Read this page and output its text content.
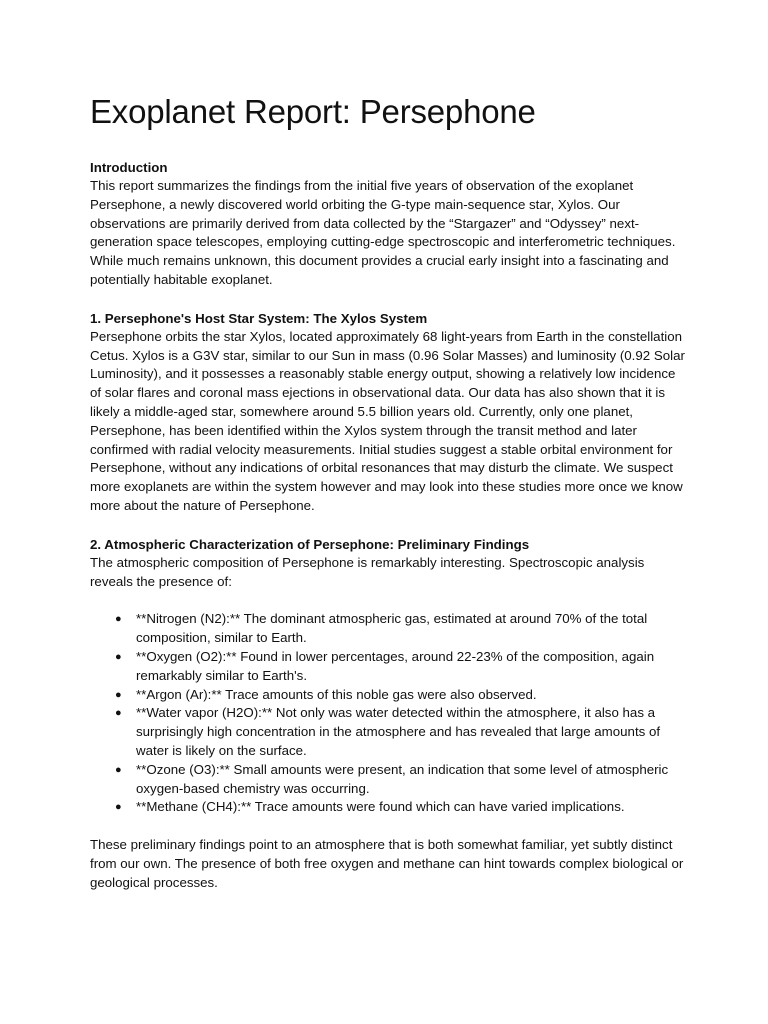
Exoplanet Report: Persephone

Introduction

This report summarizes the findings from the initial five years of observation of the exoplanet Persephone, a newly discovered world orbiting the G-type main-sequence star, Xylos. Our observations are primarily derived from data collected by the “Stargazer” and “Odyssey” next-generation space telescopes, employing cutting-edge spectroscopic and interferometric techniques. While much remains unknown, this document provides a crucial early insight into a fascinating and potentially habitable exoplanet.

1. Persephone's Host Star System: The Xylos System

Persephone orbits the star Xylos, located approximately 68 light-years from Earth in the constellation Cetus. Xylos is a G3V star, similar to our Sun in mass (0.96 Solar Masses) and luminosity (0.92 Solar Luminosity), and it possesses a reasonably stable energy output, showing a relatively low incidence of solar flares and coronal mass ejections in observational data. Our data has also shown that it is likely a middle-aged star, somewhere around 5.5 billion years old. Currently, only one planet, Persephone, has been identified within the Xylos system through the transit method and later confirmed with radial velocity measurements. Initial studies suggest a stable orbital environment for Persephone, without any indications of orbital resonances that may disturb the climate. We suspect more exoplanets are within the system however and may look into these studies more once we know more about the nature of Persephone.

2. Atmospheric Characterization of Persephone: Preliminary Findings

The atmospheric composition of Persephone is remarkably interesting. Spectroscopic analysis reveals the presence of:

● **Nitrogen (N2):** The dominant atmospheric gas, estimated at around 70% of the total composition, similar to Earth.
● **Oxygen (O2):** Found in lower percentages, around 22-23% of the composition, again remarkably similar to Earth's.
● **Argon (Ar):** Trace amounts of this noble gas were also observed.
● **Water vapor (H2O):** Not only was water detected within the atmosphere, it also has a surprisingly high concentration in the atmosphere and has revealed that large amounts of water is likely on the surface.
● **Ozone (O3):** Small amounts were present, an indication that some level of atmospheric oxygen-based chemistry was occurring.
● **Methane (CH4):** Trace amounts were found which can have varied implications.

These preliminary findings point to an atmosphere that is both somewhat familiar, yet subtly distinct from our own. The presence of both free oxygen and methane can hint towards complex biological or geological processes.
